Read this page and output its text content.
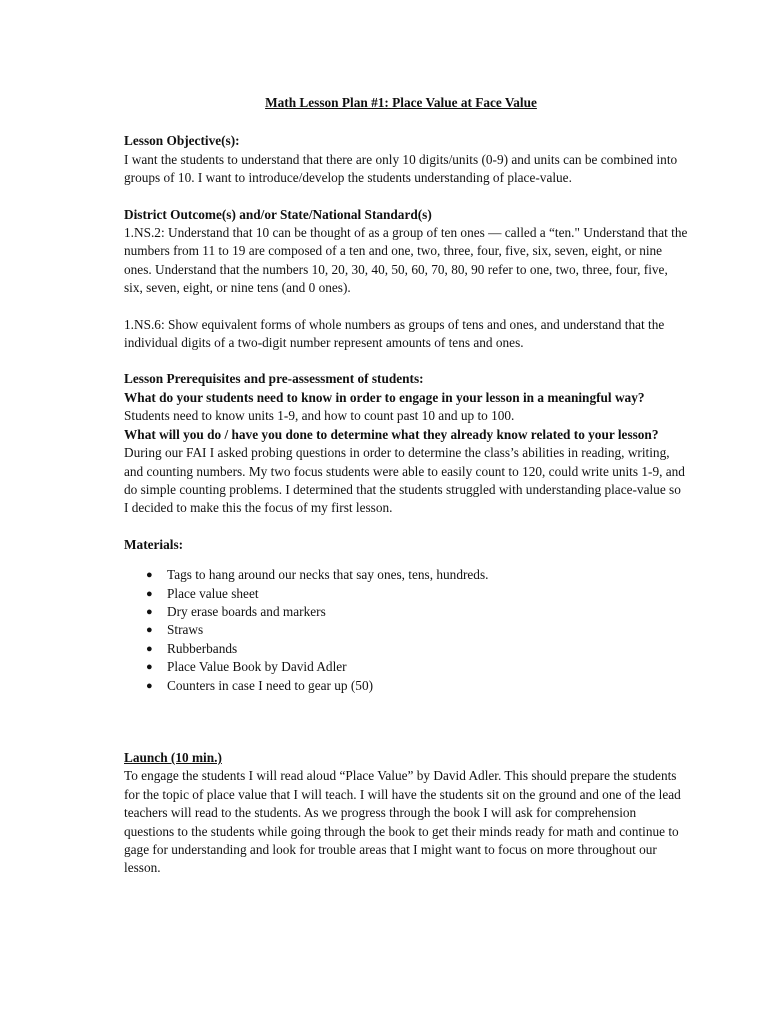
Math Lesson Plan #1: Place Value at Face Value
Lesson Objective(s):

I want the students to understand that there are only 10 digits/units (0-9) and units can be combined into groups of 10. I want to introduce/develop the students understanding of place-value.

District Outcome(s) and/or State/National Standard(s)

1.NS.2: Understand that 10 can be thought of as a group of ten ones — called a “ten." Understand that the numbers from 11 to 19 are composed of a ten and one, two, three, four, five, six, seven, eight, or nine ones. Understand that the numbers 10, 20, 30, 40, 50, 60, 70, 80, 90 refer to one, two, three, four, five, six, seven, eight, or nine tens (and 0 ones).

1.NS.6: Show equivalent forms of whole numbers as groups of tens and ones, and understand that the individual digits of a two-digit number represent amounts of tens and ones.

Lesson Prerequisites and pre-assessment of students:

What do your students need to know in order to engage in your lesson in a meaningful way? Students need to know units 1-9, and how to count past 10 and up to 100.

What will you do / have you done to determine what they already know related to your lesson? During our FAI I asked probing questions in order to determine the class’s abilities in reading, writing, and counting numbers. My two focus students were able to easily count to 120, could write units 1-9, and do simple counting problems. I determined that the students struggled with understanding place-value so I decided to make this the focus of my first lesson.

Materials:
● Tags to hang around our necks that say ones, tens, hundreds.
● Place value sheet
● Dry erase boards and markers
● Straws
● Rubberbands
● Place Value Book by David Adler
● Counters in case I need to gear up (50)
Launch (10 min.)

To engage the students I will read aloud “Place Value” by David Adler. This should prepare the students for the topic of place value that I will teach. I will have the students sit on the ground and one of the lead teachers will read to the students. As we progress through the book I will ask for comprehension questions to the students while going through the book to get their minds ready for math and continue to gage for understanding and look for trouble areas that I might want to focus on more throughout our lesson.
